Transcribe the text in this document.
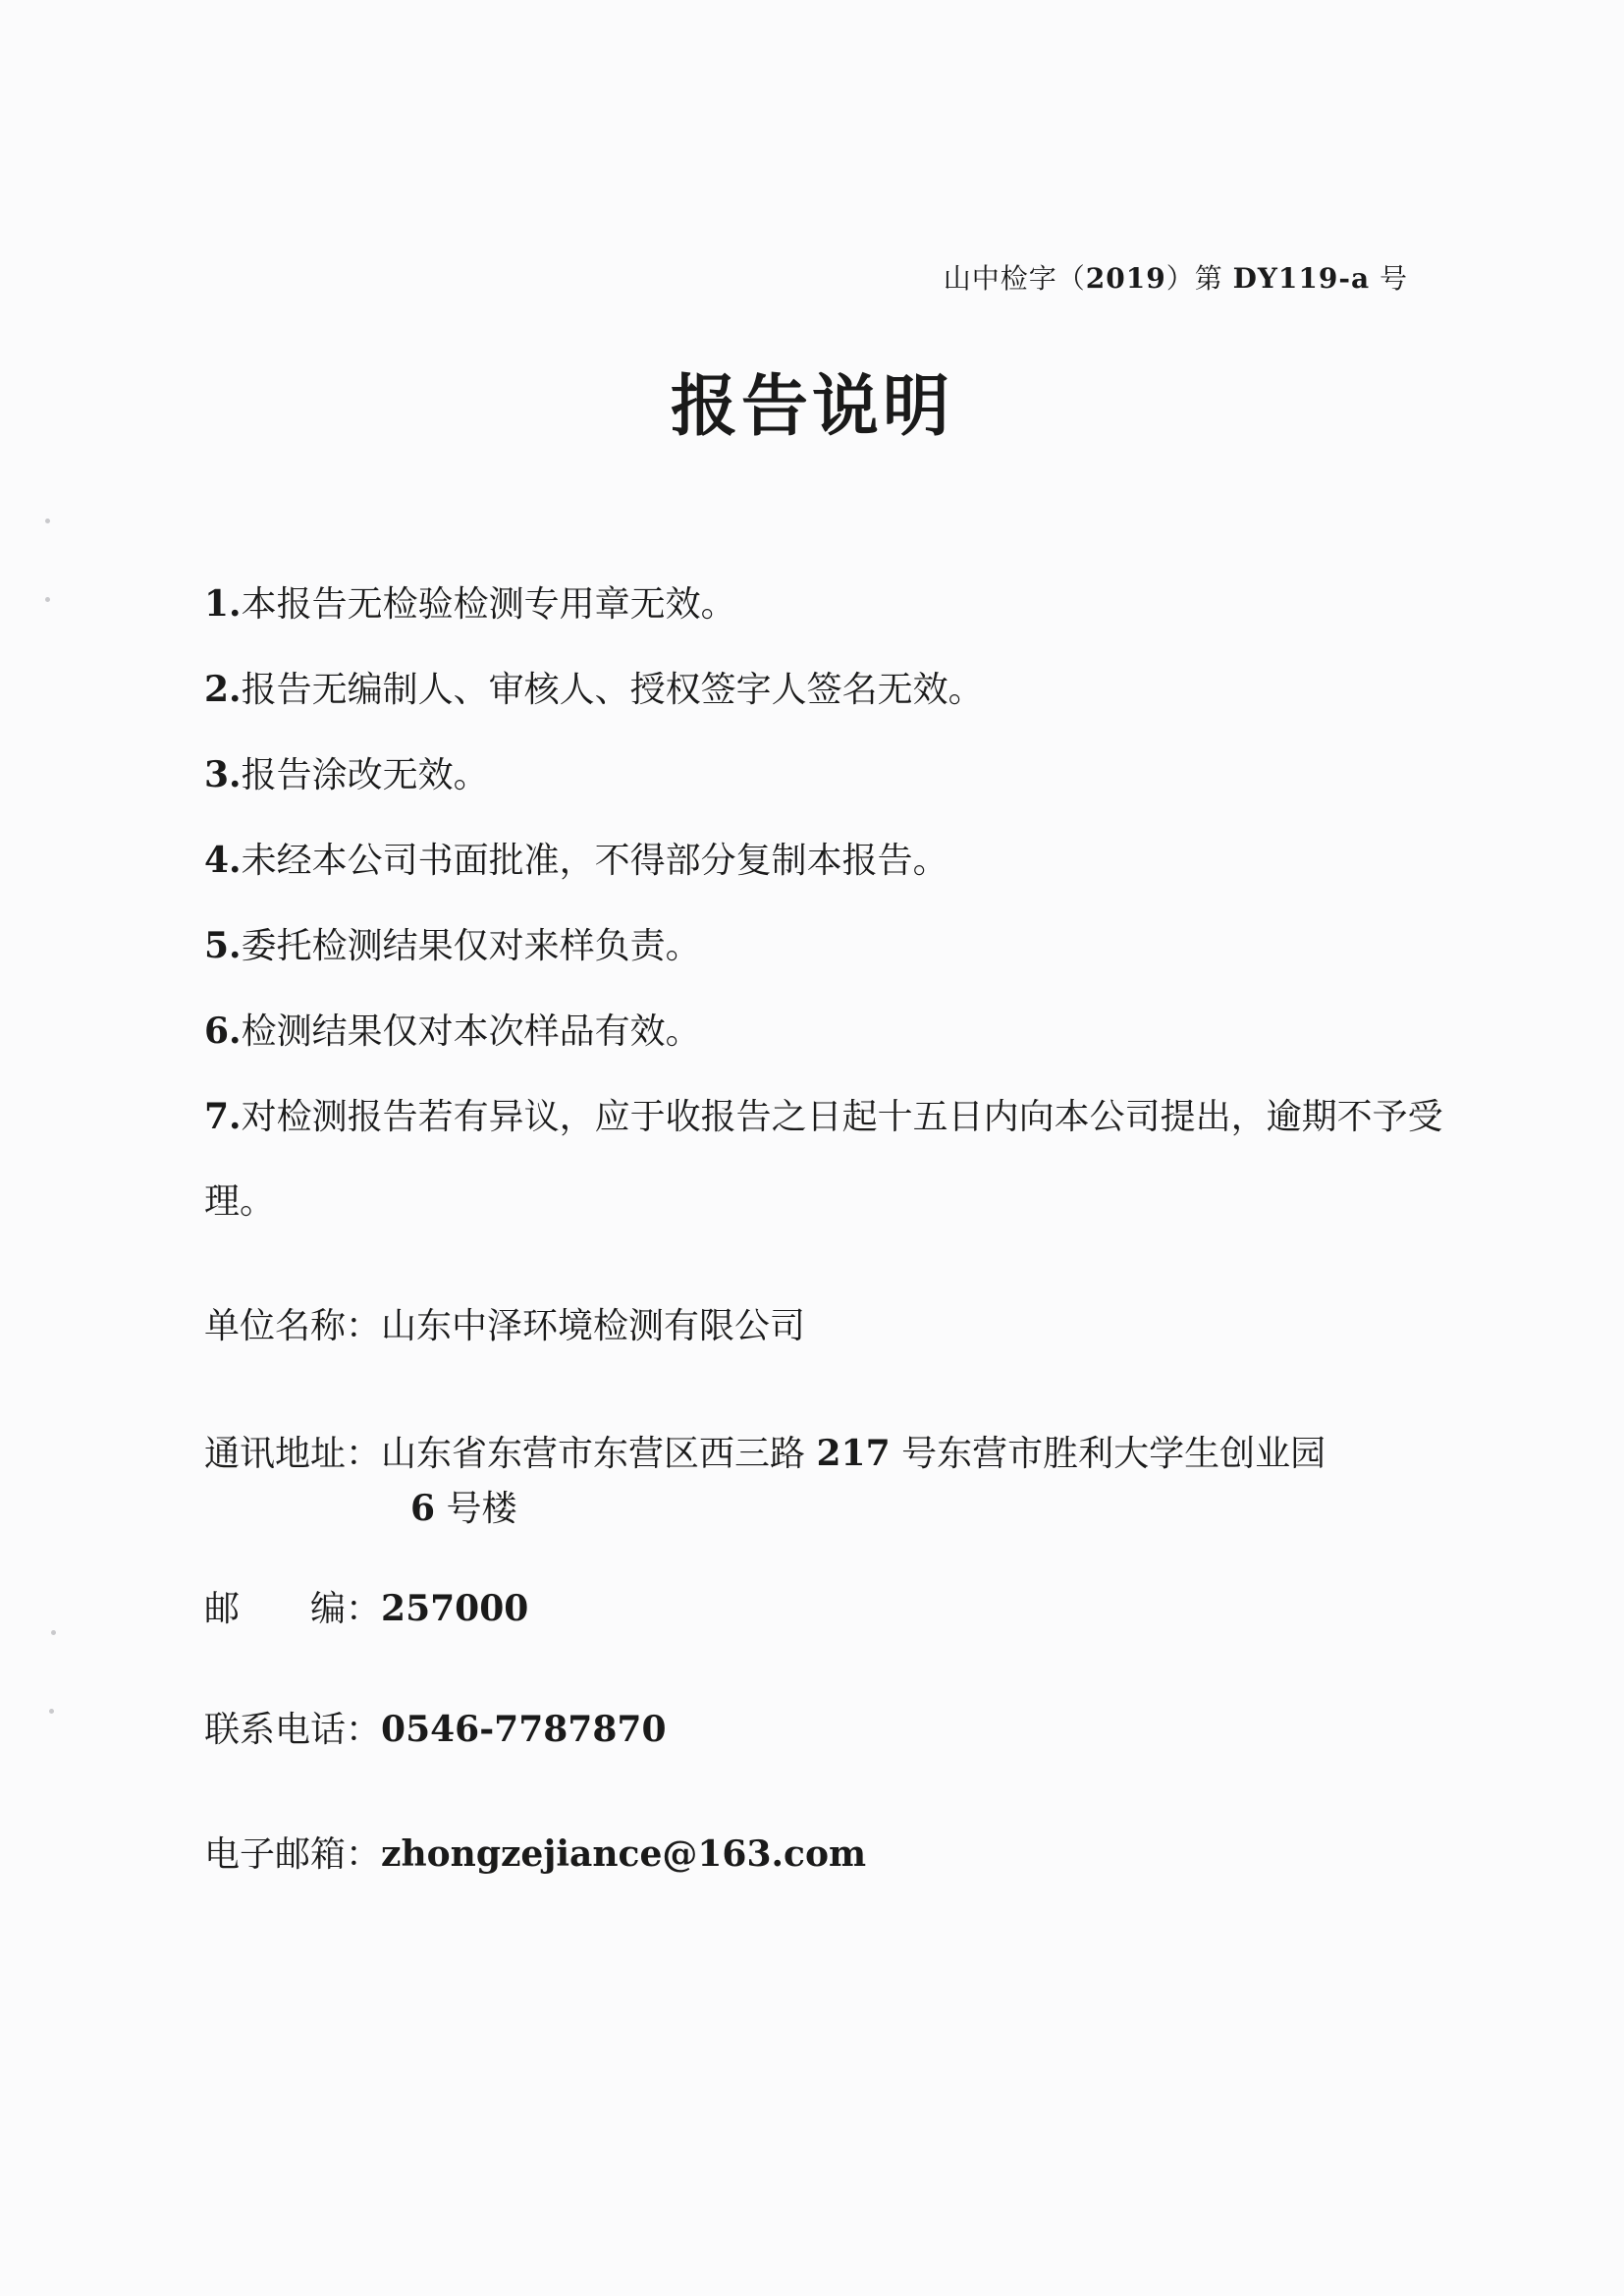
山中检字（2019）第 DY119-a 号
报告说明
1.本报告无检验检测专用章无效。
2.报告无编制人、审核人、授权签字人签名无效。
3.报告涂改无效。
4.未经本公司书面批准，不得部分复制本报告。
5.委托检测结果仅对来样负责。
6.检测结果仅对本次样品有效。
7.对检测报告若有异议，应于收报告之日起十五日内向本公司提出，逾期不予受理。
单位名称：山东中泽环境检测有限公司
通讯地址：山东省东营市东营区西三路 217 号东营市胜利大学生创业园
6 号楼
邮　　编：257000
联系电话：0546-7787870
电子邮箱：zhongzejiance@163.com
